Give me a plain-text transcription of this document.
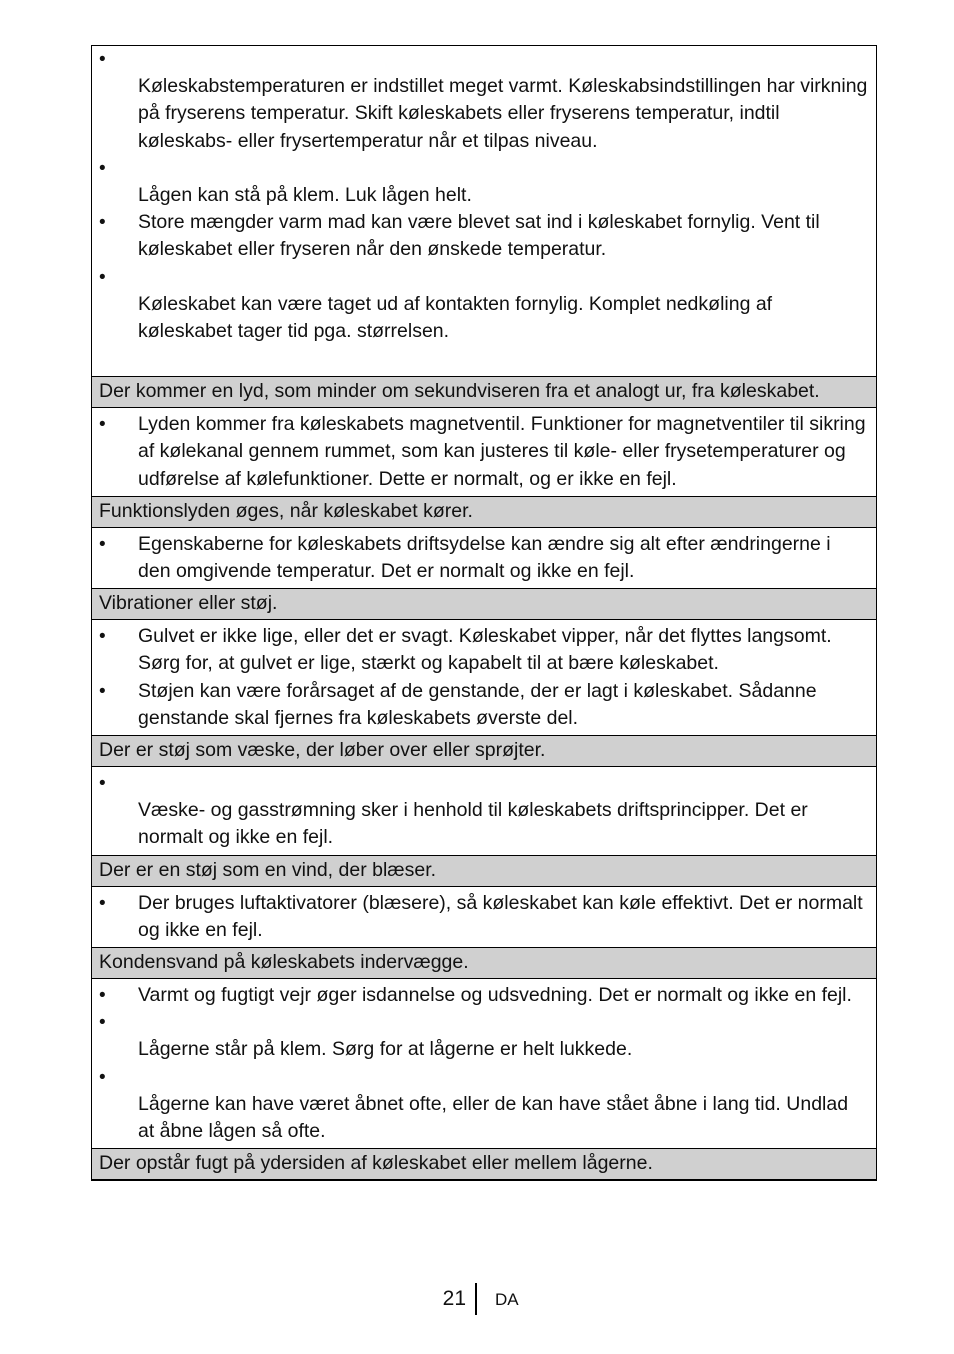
•
Køleskabstemperaturen er indstillet meget varmt. Køleskabsindstillingen har virkning på fryserens temperatur. Skift køleskabets eller fryserens temperatur, indtil køleskabs- eller frysertemperatur når et tilpas niveau.
•
Lågen kan stå på klem. Luk lågen helt.
•
Store mængder varm mad kan være blevet sat ind i køleskabet fornylig. Vent til køleskabet eller fryseren når den ønskede temperatur.
•
Køleskabet kan være taget ud af kontakten fornylig. Komplet nedkøling af køleskabet tager tid pga. størrelsen.
Der kommer en lyd, som minder om sekundviseren fra et analogt ur, fra køleskabet.
•
Lyden kommer fra køleskabets magnetventil. Funktioner for magnetventiler til sikring af kølekanal gennem rummet, som kan justeres til køle- eller frysetemperaturer og udførelse af kølefunktioner. Dette er normalt, og er ikke en fejl.
Funktionslyden øges, når køleskabet kører.
•
Egenskaberne for køleskabets driftsydelse kan ændre sig alt efter ændringerne i den omgivende temperatur. Det er normalt og ikke en fejl.
Vibrationer eller støj.
•
Gulvet er ikke lige, eller det er svagt. Køleskabet vipper, når det flyttes langsomt. Sørg for, at gulvet er lige, stærkt og kapabelt til at bære køleskabet.
•
Støjen kan være forårsaget af de genstande, der er lagt i køleskabet. Sådanne genstande skal fjernes fra køleskabets øverste del.
Der er støj som væske, der løber over eller sprøjter.
•
Væske- og gasstrømning sker i henhold til køleskabets driftsprincipper. Det er normalt og ikke en fejl.
Der er en støj som en vind, der blæser.
•
Der bruges luftaktivatorer (blæsere), så køleskabet kan køle effektivt. Det er normalt og ikke en fejl.
Kondensvand på køleskabets indervægge.
•
Varmt og fugtigt vejr øger isdannelse og udsvedning. Det er normalt og ikke en fejl.
•
Lågerne står på klem. Sørg for at lågerne er helt lukkede.
•
Lågerne kan have været åbnet ofte, eller de kan have stået åbne i lang tid. Undlad at åbne lågen så ofte.
Der opstår fugt på ydersiden af køleskabet eller mellem lågerne.
21 DA
